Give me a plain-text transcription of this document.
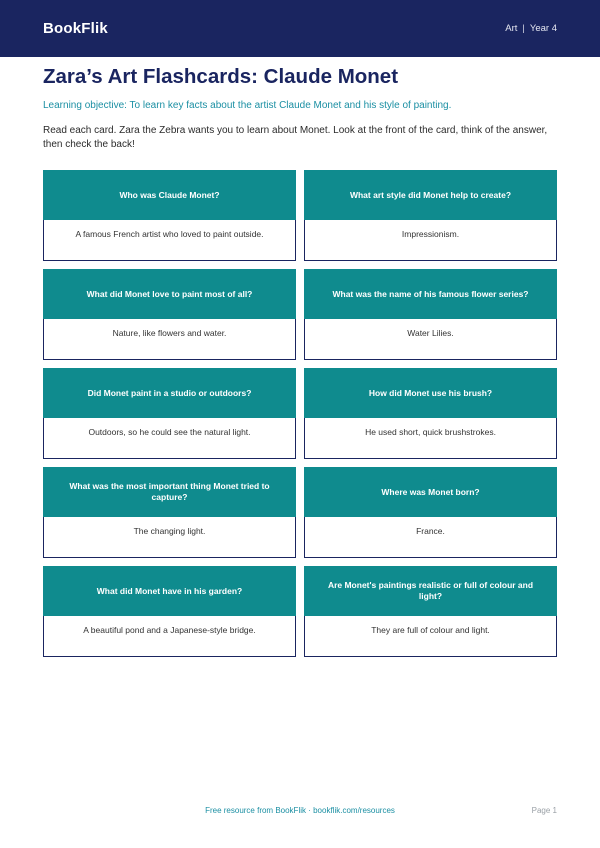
BookFlik	Art | Year 4
Zara’s Art Flashcards: Claude Monet

Learning objective: To learn key facts about the artist Claude Monet and his style of painting.

Read each card. Zara the Zebra wants you to learn about Monet. Look at the front of the card, think of the answer, then check the back!

Who was Claude Monet?
A famous French artist who loved to paint outside.
What art style did Monet help to create?
Impressionism.
What did Monet love to paint most of all?
Nature, like flowers and water.
What was the name of his famous flower series?
Water Lilies.
Did Monet paint in a studio or outdoors?
Outdoors, so he could see the natural light.
How did Monet use his brush?
He used short, quick brushstrokes.
What was the most important thing Monet tried to capture?
The changing light.
Where was Monet born?
France.
What did Monet have in his garden?
A beautiful pond and a Japanese-style bridge.
Are Monet's paintings realistic or full of colour and light?
They are full of colour and light.
Free resource from BookFlik · bookflik.com/resources	Page 1
